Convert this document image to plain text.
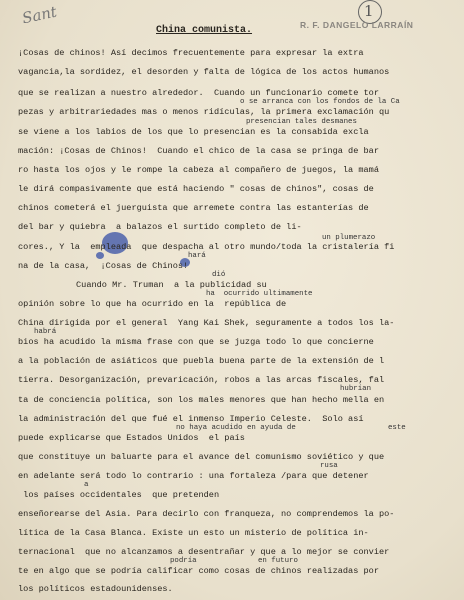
Sant	1
R. F. DANGELO LARRAÍN
China comunista.
¡Cosas de chinos! Así decimos frecuentemente para expresar la extra
vagancia,la sordidez, el desorden y falta de lógica de los actos humanos
que se realizan a nuestro alrededor.  Cuando un funcionario comete tor
pezas y arbitrariedades mas o menos ridículas, la primera exclamación qu
se viene a los labios de los que lo presencian es la consabida excla
mación: ¡Cosas de Chinos!  Cuando el chico de la casa se pringa de bar
ro hasta los ojos y le rompe la cabeza al compañero de juegos, la mamá
le dirá compasivamente que está haciendo " cosas de chinos", cosas de
chinos cometerá el juerguista que arremete contra las estanterías de
del bar y quiebra  a balazos el surtido completo de li-
cores., Y la  empleada  que despacha al otro mundo/toda la cristalería fi
na de la casa,  ¡Cosas de Chinos!
Cuando Mr. Truman  a la publicidad su
opinión sobre lo que ha ocurrido en la  república de
China dirigida por el general  Yang Kai Shek, seguramente a todos los la-
bios ha acudido la misma frase con que se juzga todo lo que concierne
a la población de asiáticos que puebla buena parte de la extensión de l
tierra. Desorganización, prevaricación, robos a las arcas fiscales, fal
ta de conciencia política, son los males menores que han hecho mella en
la administración del que fué el inmenso Imperio Celeste.  Solo así
puede explicarse que Estados Unidos  el país
que constituye un baluarte para el avance del comunismo soviético y que
en adelante será todo lo contrario : una fortaleza /para que detener
los países occidentales  que pretenden
enseñorearse del Asia. Para decirlo con franqueza, no comprendemos la po-
lítica de la Casa Blanca. Existe un esto un misterio de política in-
ternacional  que no alcanzamos a desentrañar y que a lo mejor se convier
te en algo que se podría calificar como cosas de chinos realizadas por
los políticos estadounidenses.
o se arranca con los fondos de la Ca
presencian tales desmanes
un plumerazo
hará
dió
ha  ocurrido ultimamente
habrá
hubrían
no haya acudido en ayuda de	este
rusa
a
podría	en futuro
